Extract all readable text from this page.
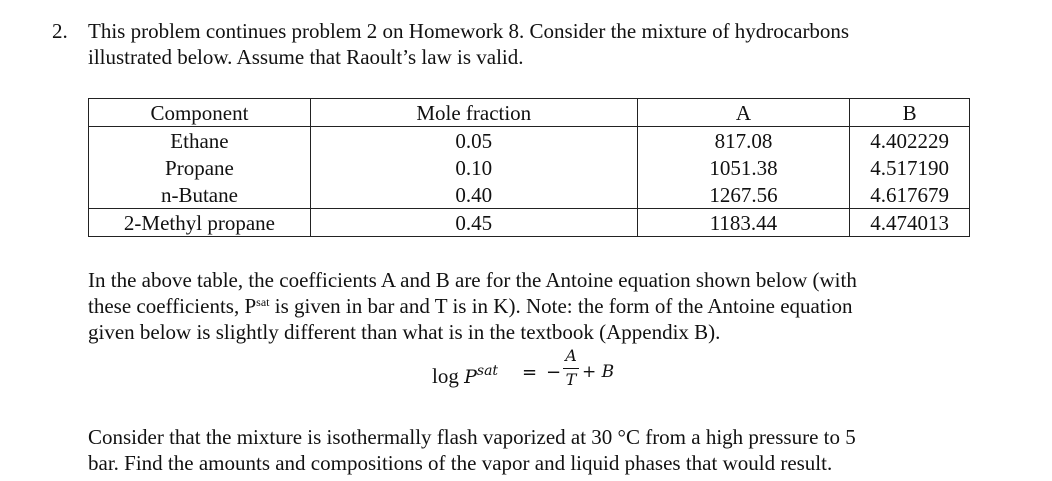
2. This problem continues problem 2 on Homework 8. Consider the mixture of hydrocarbons
illustrated below. Assume that Raoult’s law is valid.
Component	Mole fraction	A	B
Ethane	0.05	817.08	4.402229
Propane	0.10	1051.38	4.517190
n-Butane	0.40	1267.56	4.617679
2-Methyl propane	0.45	1183.44	4.474013
In the above table, the coefficients A and B are for the Antoine equation shown below (with
these coefficients, $P^{sat}$ is given in bar and T is in K). Note: the form of the Antoine equation
given below is slightly different than what is in the textbook (Appendix B).
$\log P^{sat}$ = −
A
T + B
Consider that the mixture is isothermally flash vaporized at 30 °C from a high pressure to 5
bar. Find the amounts and compositions of the vapor and liquid phases that would result.
